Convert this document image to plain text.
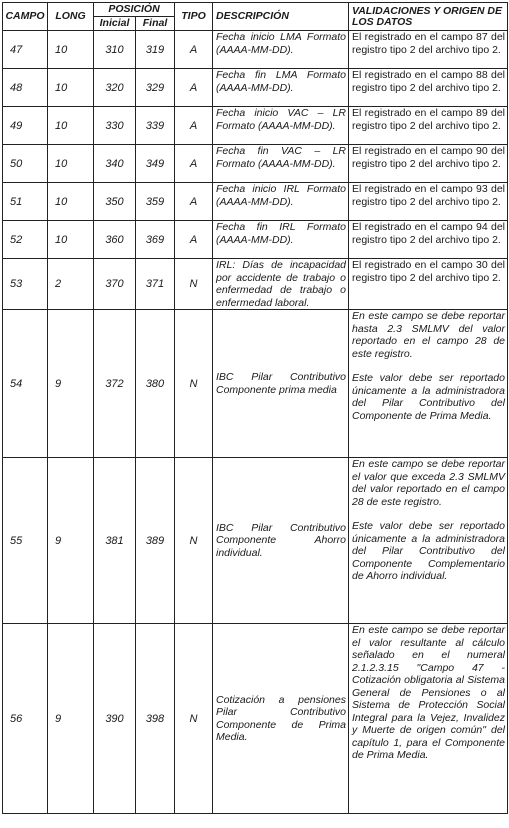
CAMPO	LONG	POSICIÓN		TIPO	DESCRIPCIÓN	VALIDACIONES Y ORIGEN DE LOS DATOS
		Inicial	Final			
47	10	310	319	A	Fecha inicio LMA Formato (AAAA-MM-DD).	El registrado en el campo 87 del registro tipo 2 del archivo tipo 2.

48	10	320	329	A	Fecha fin LMA Formato (AAAA-MM-DD).	El registrado en el campo 88 del registro tipo 2 del archivo tipo 2.

49	10	330	339	A	Fecha inicio VAC – LR Formato (AAAA-MM-DD).	El registrado en el campo 89 del registro tipo 2 del archivo tipo 2.

50	10	340	349	A	Fecha fin VAC – LR Formato (AAAA-MM-DD).	El registrado en el campo 90 del registro tipo 2 del archivo tipo 2.

51	10	350	359	A	Fecha inicio IRL Formato (AAAA-MM-DD).	El registrado en el campo 93 del registro tipo 2 del archivo tipo 2.

52	10	360	369	A	Fecha fin IRL Formato (AAAA-MM-DD).	El registrado en el campo 94 del registro tipo 2 del archivo tipo 2.

53	2	370	371	N	IRL: Días de incapacidad por accidente de trabajo o enfermedad de trabajo o enfermedad laboral.	El registrado en el campo 30 del registro tipo 2 del archivo tipo 2.

54	9	372	380	N	IBC Pilar Contributivo Componente prima media	En este campo se debe reportar hasta 2.3 SMLMV del valor reportado en el campo 28 de este registro.

Este valor debe ser reportado únicamente a la administradora del Pilar Contributivo del Componente de Prima Media.

55	9	381	389	N	IBC Pilar Contributivo Componente Ahorro individual.	En este campo se debe reportar el valor que exceda 2.3 SMLMV del valor reportado en el campo 28 de este registro.

Este valor debe ser reportado únicamente a la administradora del Pilar Contributivo del Componente Complementario de Ahorro individual.

56	9	390	398	N	Cotización a pensiones Pilar Contributivo Componente de Prima Media.	En este campo se debe reportar el valor resultante al cálculo señalado en el numeral 2.1.2.3.15 "Campo 47 - Cotización obligatoria al Sistema General de Pensiones o al Sistema de Protección Social Integral para la Vejez, Invalidez y Muerte de origen común" del capítulo 1, para el Componente de Prima Media.
